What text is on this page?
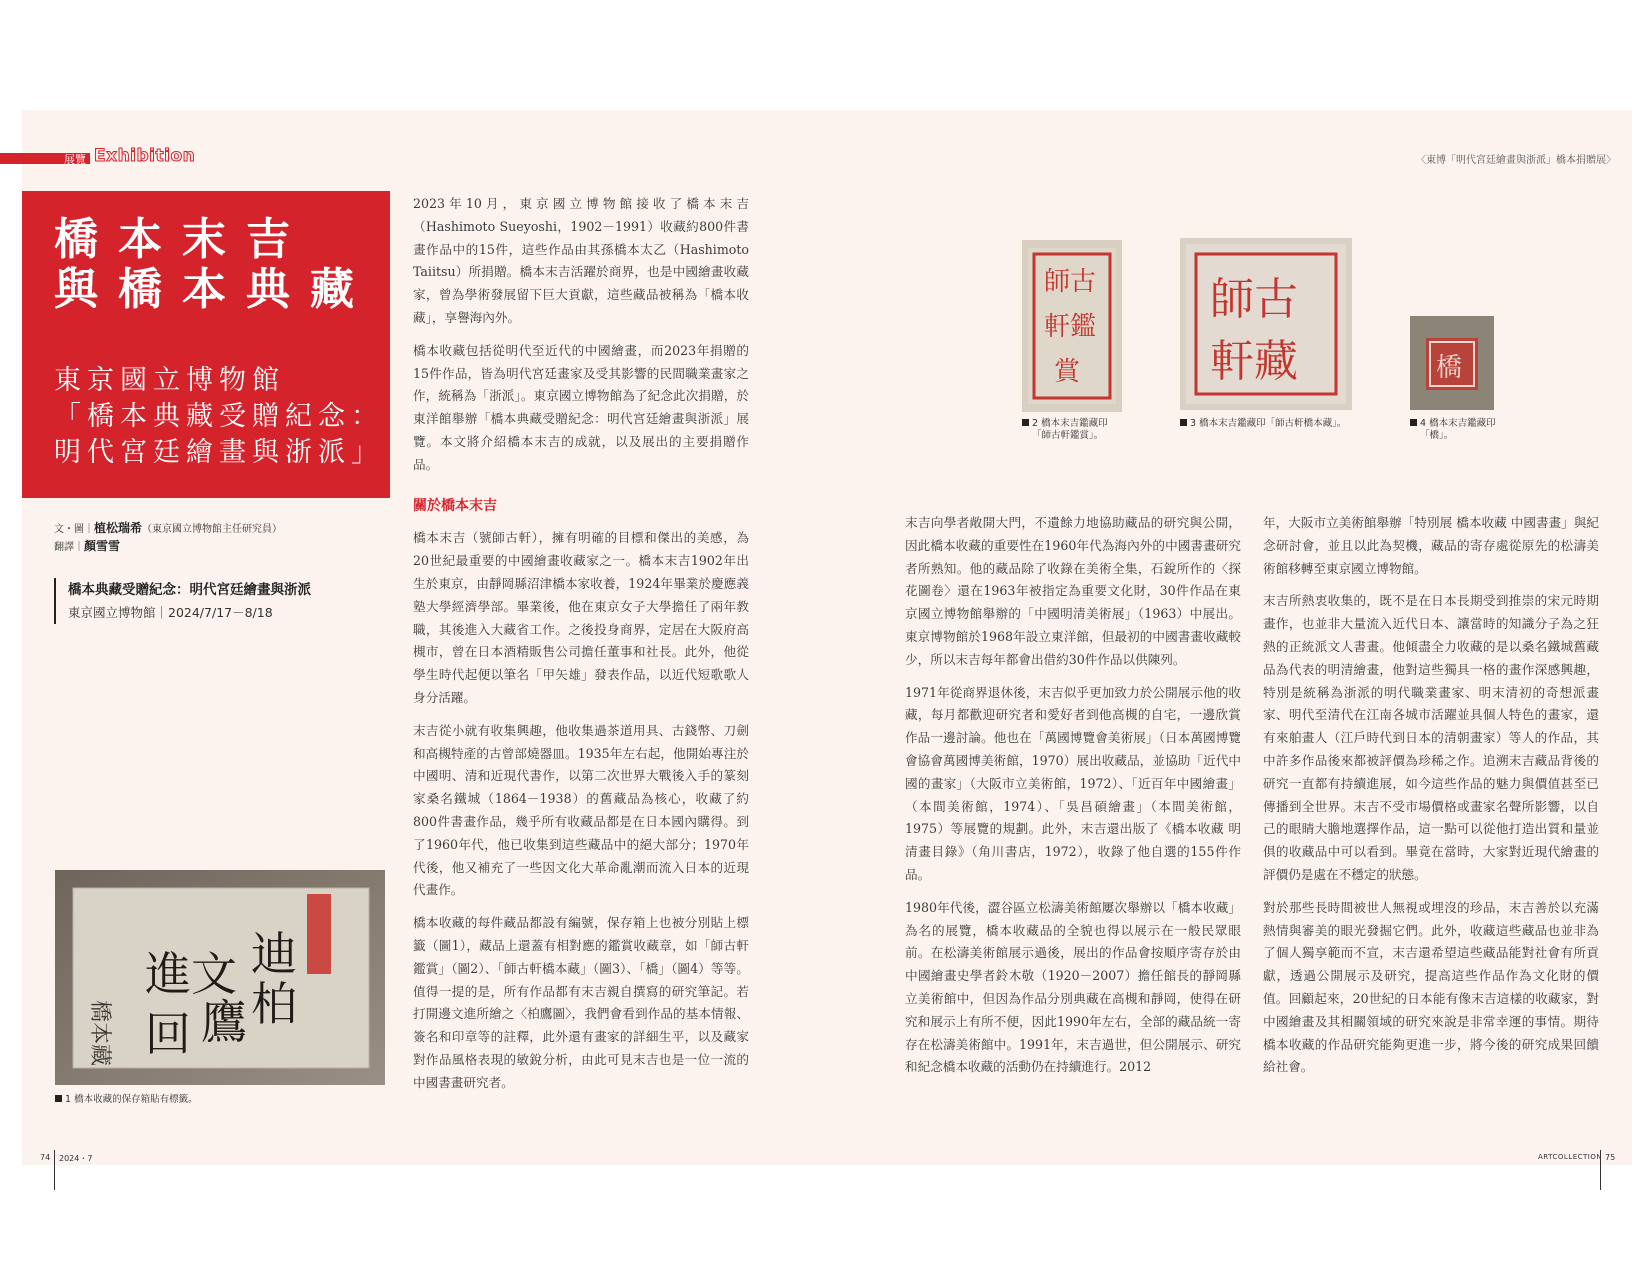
展覽 Exhibition	〈東博「明代宮廷繪畫與浙派」橋本捐贈展〉
橋本末吉
與橋本典藏
東京國立博物館
「橋本典藏受贈紀念：
明代宮廷繪畫與浙派」
文・圖｜植松瑞希（東京國立博物館主任研究員）
翻譯｜顏雪雪
橋本典藏受贈紀念：明代宮廷繪畫與浙派
東京國立博物館｜2024/7/17－8/18
橋本藏
進文 迪
柏
鷹
回
1 橋本收藏的保存箱貼有標籤。

2023年10月，東京國立博物館接收了橋本末吉（Hashimoto Sueyoshi，1902－1991）收藏約800件書畫作品中的15件，這些作品由其孫橋本太乙（Hashimoto Taiitsu）所捐贈。橋本末吉活躍於商界，也是中國繪畫收藏家，曾為學術發展留下巨大貢獻，這些藏品被稱為「橋本收藏」，享譽海內外。

橋本收藏包括從明代至近代的中國繪畫，而2023年捐贈的15件作品，皆為明代宮廷畫家及受其影響的民間職業畫家之作，統稱為「浙派」。東京國立博物館為了紀念此次捐贈，於東洋館舉辦「橋本典藏受贈紀念：明代宮廷繪畫與浙派」展覽。本文將介紹橋本末吉的成就，以及展出的主要捐贈作品。

關於橋本末吉

橋本末吉（號師古軒），擁有明確的目標和傑出的美感，為20世紀最重要的中國繪畫收藏家之一。橋本末吉1902年出生於東京，由靜岡縣沼津橋本家收養，1924年畢業於慶應義塾大學經濟學部。畢業後，他在東京女子大學擔任了兩年教職，其後進入大藏省工作。之後投身商界，定居在大阪府高槻市，曾在日本酒精販售公司擔任董事和社長。此外，他從學生時代起便以筆名「甲矢雄」發表作品，以近代短歌歌人身分活躍。

末吉從小就有收集興趣，他收集過茶道用具、古錢幣、刀劍和高槻特產的古曾部燒器皿。1935年左右起，他開始專注於中國明、清和近現代書作，以第二次世界大戰後入手的篆刻家桑名鐵城（1864－1938）的舊藏品為核心，收藏了約800件書畫作品，幾乎所有收藏品都是在日本國內購得。到了1960年代，他已收集到這些藏品中的絕大部分；1970年代後，他又補充了一些因文化大革命亂潮而流入日本的近現代畫作。

橋本收藏的每件藏品都設有編號，保存箱上也被分別貼上標籤（圖1），藏品上還蓋有相對應的鑑賞收藏章，如「師古軒鑑賞」（圖2）、「師古軒橋本藏」（圖3）、「橋」（圖4）等等。值得一提的是，所有作品都有末吉親自撰寫的研究筆記。若打開邊文進所繪之〈柏鷹圖〉，我們會看到作品的基本情報、簽名和印章等的註釋，此外還有畫家的詳細生平，以及藏家對作品風格表現的敏銳分析，由此可見末吉也是一位一流的中國書畫研究者。

師古
軒鑑
賞
師古
軒藏	橋
2 橋本末吉鑑藏印
「師古軒鑑賞」。
3 橋本末吉鑑藏印「師古軒橋本藏」。	4 橋本末吉鑑藏印
「橋」。

末吉向學者敞開大門，不遺餘力地協助藏品的研究與公開，因此橋本收藏的重要性在1960年代為海內外的中國書畫研究者所熟知。他的藏品除了收錄在美術全集，石銳所作的〈探花圖卷〉還在1963年被指定為重要文化財，30件作品在東京國立博物館舉辦的「中國明清美術展」（1963）中展出。東京博物館於1968年設立東洋館，但最初的中國書畫收藏較少，所以末吉每年都會出借約30件作品以供陳列。

1971年從商界退休後，末吉似乎更加致力於公開展示他的收藏，每月都歡迎研究者和愛好者到他高槻的自宅，一邊欣賞作品一邊討論。他也在「萬國博覽會美術展」（日本萬國博覽會協會萬國博美術館，1970）展出收藏品，並協助「近代中國的畫家」（大阪市立美術館，1972）、「近百年中國繪畫」（本間美術館，1974）、「吳昌碩繪畫」（本間美術館，1975）等展覽的規劃。此外，末吉還出版了《橋本收藏 明清畫目錄》（角川書店，1972），收錄了他自選的155件作品。

1980年代後，澀谷區立松濤美術館屢次舉辦以「橋本收藏」為名的展覽，橋本收藏品的全貌也得以展示在一般民眾眼前。在松濤美術館展示過後，展出的作品會按順序寄存於由中國繪畫史學者鈴木敬（1920－2007）擔任館長的靜岡縣立美術館中，但因為作品分別典藏在高槻和靜岡，使得在研究和展示上有所不便，因此1990年左右，全部的藏品統一寄存在松濤美術館中。1991年，末吉過世，但公開展示、研究和紀念橋本收藏的活動仍在持續進行。2012

年，大阪市立美術館舉辦「特別展 橋本收藏 中國書畫」與紀念研討會，並且以此為契機，藏品的寄存處從原先的松濤美術館移轉至東京國立博物館。

末吉所熱衷收集的，既不是在日本長期受到推崇的宋元時期畫作，也並非大量流入近代日本、讓當時的知識分子為之狂熱的正統派文人書畫。他傾盡全力收藏的是以桑名鐵城舊藏品為代表的明清繪畫，他對這些獨具一格的畫作深感興趣，特別是統稱為浙派的明代職業畫家、明末清初的奇想派畫家、明代至清代在江南各城市活躍並具個人特色的畫家，還有來舶畫人（江戶時代到日本的清朝畫家）等人的作品，其中許多作品後來都被評價為珍稀之作。追溯末吉藏品背後的研究一直都有持續進展，如今這些作品的魅力與價值甚至已傳播到全世界。末吉不受市場價格或畫家名聲所影響，以自己的眼睛大膽地選擇作品，這一點可以從他打造出質和量並俱的收藏品中可以看到。畢竟在當時，大家對近現代繪畫的評價仍是處在不穩定的狀態。

對於那些長時間被世人無視或埋沒的珍品，末吉善於以充滿熱情與審美的眼光發掘它們。此外，收藏這些藏品也並非為了個人獨享範而不宣，末吉還希望這些藏品能對社會有所貢獻，透過公開展示及研究，提高這些作品作為文化財的價值。回顧起來，20世紀的日本能有像末吉這樣的收藏家，對中國繪畫及其相關領域的研究來說是非常幸運的事情。期待橋本收藏的作品研究能夠更進一步，將今後的研究成果回饋給社會。

74 2024・7	ARTCOLLECTION 75
